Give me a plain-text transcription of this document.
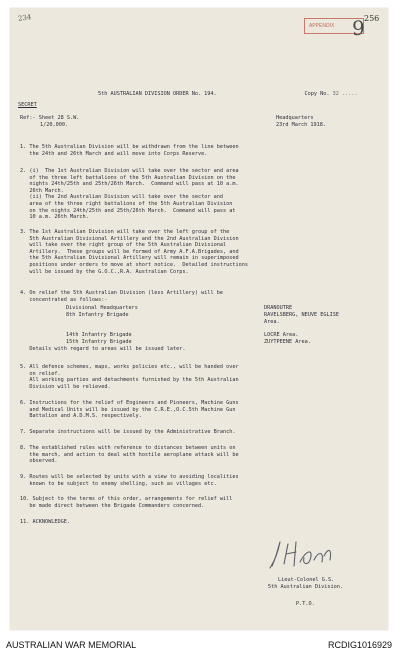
234
APPENDIX 9 256

Copy No. 32 .....

5th AUSTRALIAN DIVISION ORDER No. 194.
SECRET
Ref:- Sheet 28 S.W.
1/20,000.
Headquarters
23rd March 1918.
1. The 5th Australian Division will be withdrawn from the line between
the 24th and 26th March and will move into Corps Reserve.
2. (i)  The 1st Australian Division will take over the sector and area
of the three left battalions of the 5th Australian Division on the
nights 24th/25th and 25th/26th March.  Command will pass at 10 a.m.
26th March.
(ii) The 2nd Australian Division will take over the sector and
area of the three right battalions of the 5th Australian Division
on the nights 24th/25th and 25th/26th March.  Command will pass at
10 a.m. 26th March.
3. The 1st Australian Division will take over the left group of the
5th Australian Divisional Artillery and the 2nd Australian Division
will take over the right group of the 5th Australian Divisional
Artillery.  These groups will be formed of Army A.F.A.Brigades, and
the 5th Australian Divisional Artillery will remain in superimposed
positions under orders to move at short notice.  Detailed instructions
will be issued by the G.O.C.,R.A. Australian Corps.
4. On relief the 5th Australian Division (less Artillery) will be
concentrated as follows:-
Divisional Headquarters	DRANOUTRE
8th Infantry Brigade	RAVELSBERG, NEUVE EGLISE
Area.
14th Infantry Brigade	LOCRE Area.
15th Infantry Brigade	ZUYTPEENE Area.
Details with regard to areas will be issued later.
5. All defence schemes, maps, works policies etc., will be handed over
on relief.
All working parties and detachments furnished by the 5th Australian
Division will be relieved.
6. Instructions for the relief of Engineers and Pioneers, Machine Guns
and Medical Units will be issued by the C.R.E.,O.C.5th Machine Gun
Battalion and A.D.M.S. respectively.
7. Separate instructions will be issued by the Administrative Branch.
8. The established rules with reference to distances between units on
the march, and action to deal with hostile aeroplane attack will be
observed.
9. Routes will be selected by units with a view to avoiding localities
known to be subject to enemy shelling, such as villages etc.
10. Subject to the terms of this order, arrangements for relief will
be made direct between the Brigade Commanders concerned.
11. ACKNOWLEDGE.
Lieut-Colonel G.S.
5th Australian Division.
P.T.O.
AUSTRALIAN WAR MEMORIAL	RCDIG1016929
